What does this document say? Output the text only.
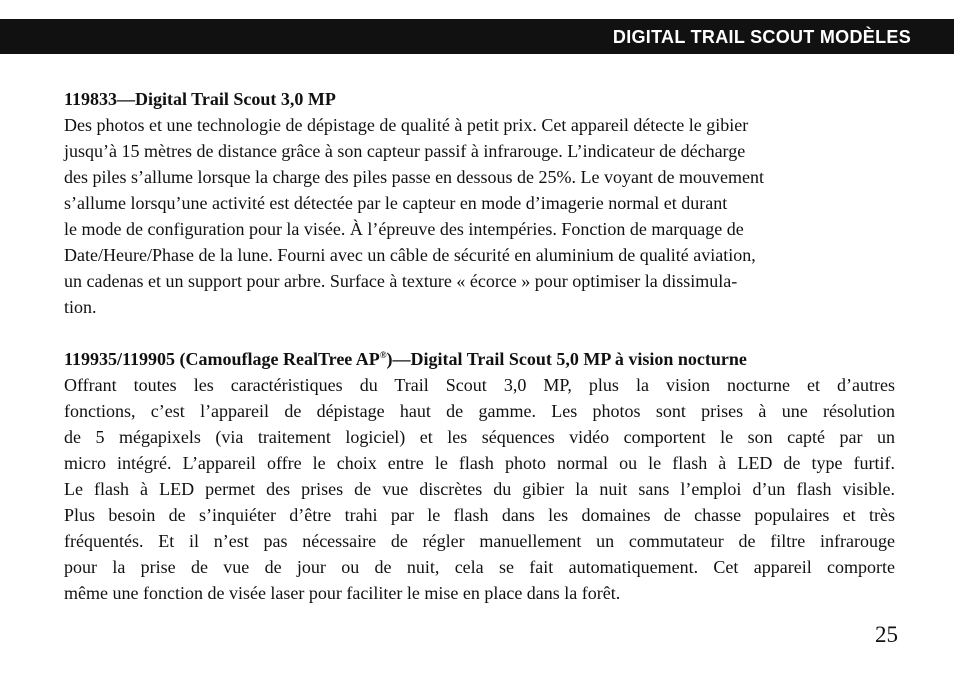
DIGITAL TRAIL SCOUT MODÈLES

119833—Digital Trail Scout 3,0 MP

Des photos et une technologie de dépistage de qualité à petit prix. Cet appareil détecte le gibier
jusqu’à 15 mètres de distance grâce à son capteur passif à infrarouge. L’indicateur de décharge
des piles s’allume lorsque la charge des piles passe en dessous de 25%. Le voyant de mouvement
s’allume lorsqu’une activité est détectée par le capteur en mode d’imagerie normal et durant
le mode de configuration pour la visée. À l’épreuve des intempéries. Fonction de marquage de
Date/Heure/Phase de la lune. Fourni avec un câble de sécurité en aluminium de qualité aviation,
un cadenas et un support pour arbre. Surface à texture « écorce » pour optimiser la dissimula-
tion.

119935/119905 (Camouflage RealTree AP®)—Digital Trail Scout 5,0 MP à vision nocturne

Offrant toutes les caractéristiques du Trail Scout 3,0 MP, plus la vision nocturne et d’autres
fonctions, c’est l’appareil de dépistage haut de gamme. Les photos sont prises à une résolution
de 5 mégapixels (via traitement logiciel) et les séquences vidéo comportent le son capté par un
micro intégré. L’appareil offre le choix entre le flash photo normal ou le flash à LED de type furtif.
Le flash à LED permet des prises de vue discrètes du gibier la nuit sans l’emploi d’un flash visible.
Plus besoin de s’inquiéter d’être trahi par le flash dans les domaines de chasse populaires et très
fréquentés. Et il n’est pas nécessaire de régler manuellement un commutateur de filtre infrarouge
pour la prise de vue de jour ou de nuit, cela se fait automatiquement. Cet appareil comporte
même une fonction de visée laser pour faciliter le mise en place dans la forêt.
25
